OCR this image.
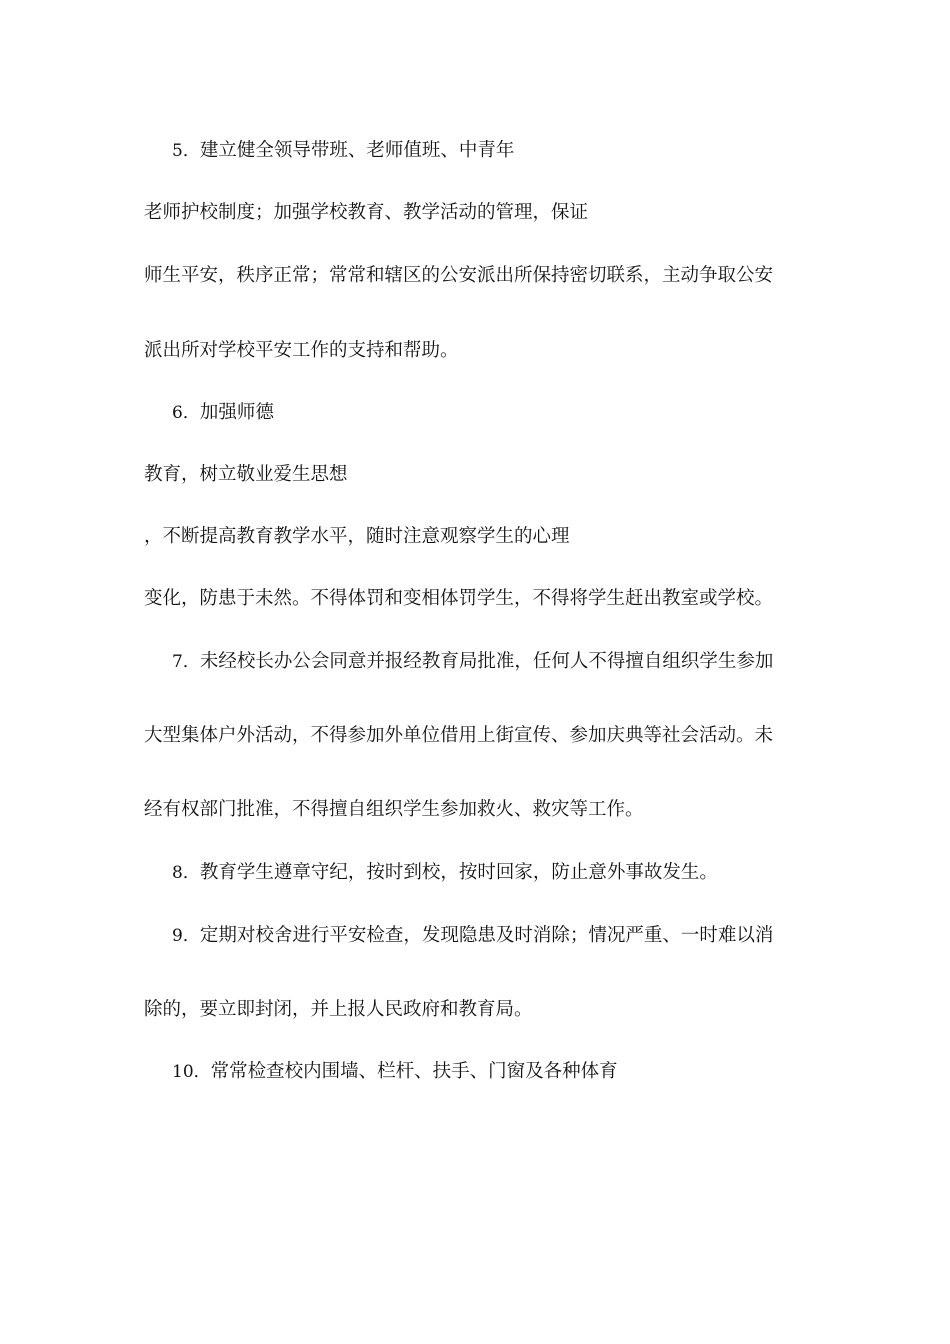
5．建立健全领导带班、老师值班、中青年
老师护校制度；加强学校教育、教学活动的管理，保证
师生平安，秩序正常；常常和辖区的公安派出所保持密切联系，主动争取公安
派出所对学校平安工作的支持和帮助。
6．加强师德
教育，树立敬业爱生思想
，不断提高教育教学水平，随时注意观察学生的心理
变化，防患于未然。不得体罚和变相体罚学生，不得将学生赶出教室或学校。
7．未经校长办公会同意并报经教育局批准，任何人不得擅自组织学生参加
大型集体户外活动，不得参加外单位借用上街宣传、参加庆典等社会活动。未
经有权部门批准，不得擅自组织学生参加救火、救灾等工作。
8．教育学生遵章守纪，按时到校，按时回家，防止意外事故发生。
9．定期对校舍进行平安检查，发现隐患及时消除；情况严重、一时难以消
除的，要立即封闭，并上报人民政府和教育局。
10．常常检查校内围墙、栏杆、扶手、门窗及各种体育
